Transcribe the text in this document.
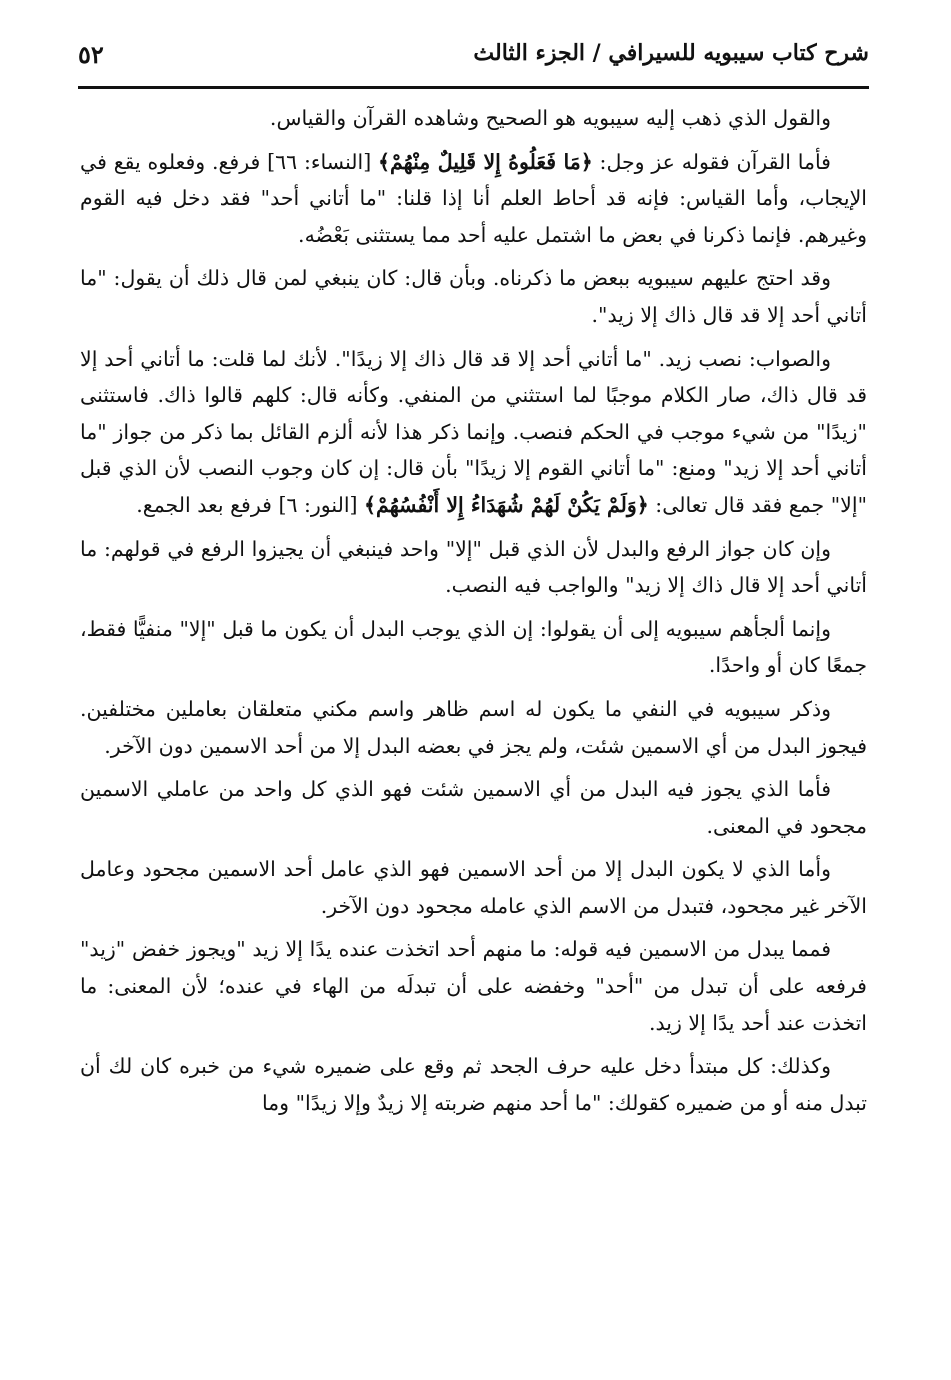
شرح كتاب سيبويه للسيرافي / الجزء الثالث
٥٢

والقول الذي ذهب إليه سيبويه هو الصحيح وشاهده القرآن والقياس.

فأما القرآن فقوله عز وجل: ﴿مَا فَعَلُوهُ إِلا قَلِيلٌ مِنْهُمْ﴾ [النساء: ٦٦] فرفع. وفعلوه يقع في الإيجاب، وأما القياس: فإنه قد أحاط العلم أنا إذا قلنا: "ما أتاني أحد" فقد دخل فيه القوم وغيرهم. فإنما ذكرنا في بعض ما اشتمل عليه أحد مما يستثنى بَعْضُه.

وقد احتج عليهم سيبويه ببعض ما ذكرناه. وبأن قال: كان ينبغي لمن قال ذلك أن يقول: "ما أتاني أحد إلا قد قال ذاك إلا زيد".

والصواب: نصب زيد. "ما أتاني أحد إلا قد قال ذاك إلا زيدًا". لأنك لما قلت: ما أتاني أحد إلا قد قال ذاك، صار الكلام موجبًا لما استثني من المنفي. وكأنه قال: كلهم قالوا ذاك. فاستثنى "زيدًا" من شيء موجب في الحكم فنصب. وإنما ذكر هذا لأنه ألزم القائل بما ذكر من جواز "ما أتاني أحد إلا زيد" ومنع: "ما أتاني القوم إلا زيدًا" بأن قال: إن كان وجوب النصب لأن الذي قبل "إلا" جمع فقد قال تعالى: ﴿وَلَمْ يَكُنْ لَهُمْ شُهَدَاءُ إِلا أَنْفُسُهُمْ﴾ [النور: ٦] فرفع بعد الجمع.

وإن كان جواز الرفع والبدل لأن الذي قبل "إلا" واحد فينبغي أن يجيزوا الرفع في قولهم: ما أتاني أحد إلا قال ذاك إلا زيد" والواجب فيه النصب.

وإنما ألجأهم سيبويه إلى أن يقولوا: إن الذي يوجب البدل أن يكون ما قبل "إلا" منفيًّا فقط، جمعًا كان أو واحدًا.

وذكر سيبويه في النفي ما يكون له اسم ظاهر واسم مكني متعلقان بعاملين مختلفين. فيجوز البدل من أي الاسمين شئت، ولم يجز في بعضه البدل إلا من أحد الاسمين دون الآخر.

فأما الذي يجوز فيه البدل من أي الاسمين شئت فهو الذي كل واحد من عاملي الاسمين مجحود في المعنى.

وأما الذي لا يكون البدل إلا من أحد الاسمين فهو الذي عامل أحد الاسمين مجحود وعامل الآخر غير مجحود، فتبدل من الاسم الذي عامله مجحود دون الآخر.

فمما يبدل من الاسمين فيه قوله: ما منهم أحد اتخذت عنده يدًا إلا زيد "ويجوز خفض "زيد" فرفعه على أن تبدل من "أحد" وخفضه على أن تبدلَه من الهاء في عنده؛ لأن المعنى: ما اتخذت عند أحد يدًا إلا زيد.

وكذلك: كل مبتدأ دخل عليه حرف الجحد ثم وقع على ضميره شيء من خبره كان لك أن تبدل منه أو من ضميره كقولك: "ما أحد منهم ضربته إلا زيدٌ وإلا زيدًا" وما
